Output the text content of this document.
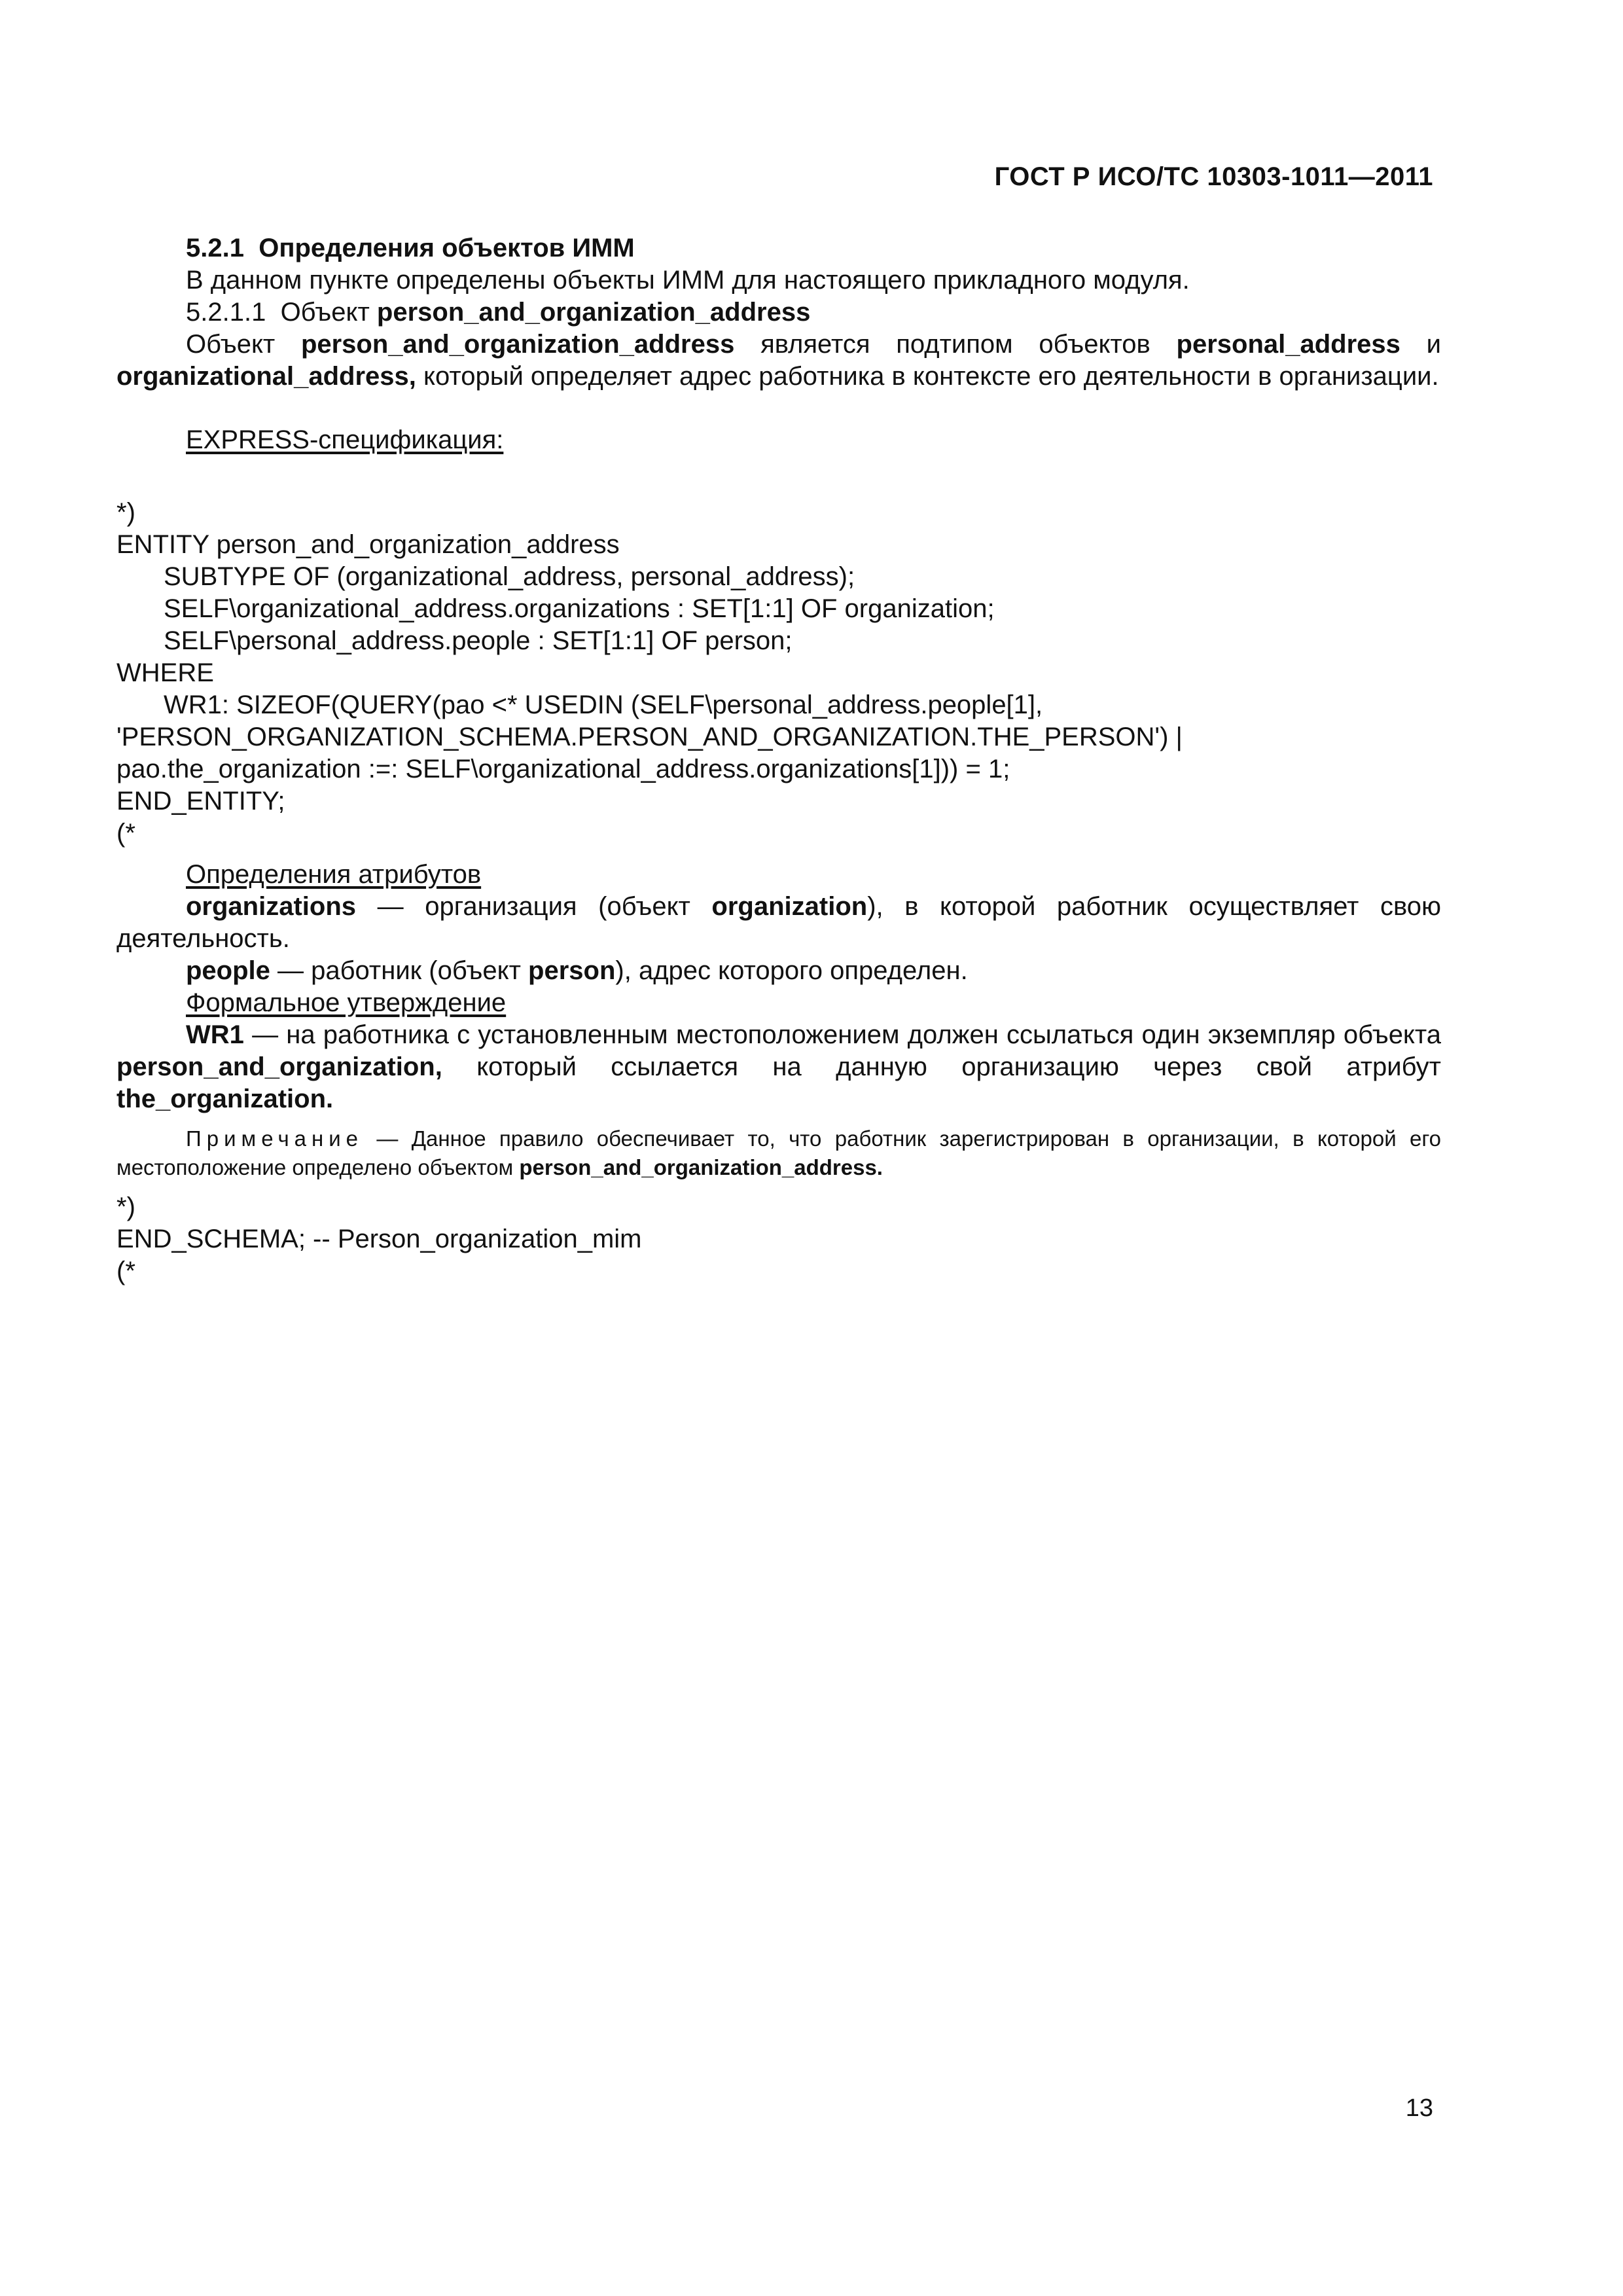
ГОСТ Р ИСО/ТС 10303-1011—2011

5.2.1 Определения объектов ИММ

В данном пункте определены объекты ИММ для настоящего прикладного модуля.

5.2.1.1 Объект person_and_organization_address

Объект person_and_organization_address является подтипом объектов personal_address и organizational_address, который определяет адрес работника в контексте его деятельности в организации.

EXPRESS-спецификация:

*)
ENTITY person_and_organization_address
SUBTYPE OF (organizational_address, personal_address);
SELF\organizational_address.organizations : SET[1:1] OF organization;
SELF\personal_address.people : SET[1:1] OF person;
WHERE
WR1: SIZEOF(QUERY(pao <* USEDIN (SELF\personal_address.people[1],
'PERSON_ORGANIZATION_SCHEMA.PERSON_AND_ORGANIZATION.THE_PERSON') |
pao.the_organization :=: SELF\organizational_address.organizations[1])) = 1;
END_ENTITY;
(*

Определения атрибутов

organizations — организация (объект organization), в которой работник осуществляет свою деятельность.

people — работник (объект person), адрес которого определен.

Формальное утверждение

WR1 — на работника с установленным местоположением должен ссылаться один экземпляр объекта person_and_organization, который ссылается на данную организацию через свой атрибут the_organization.

Примечание — Данное правило обеспечивает то, что работник зарегистрирован в организации, в которой его местоположение определено объектом person_and_organization_address.

*)
END_SCHEMA; -- Person_organization_mim
(*
13
